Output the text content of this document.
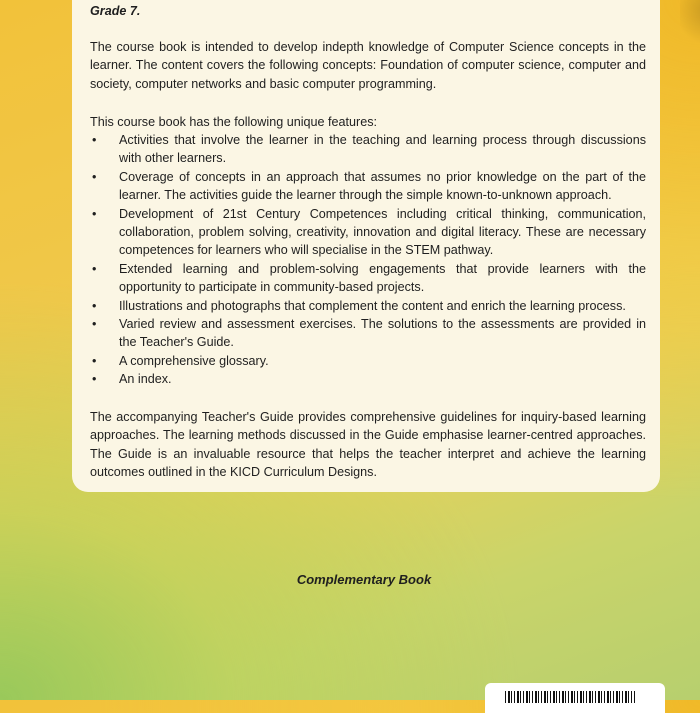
Grade 7.

The course book is intended to develop indepth knowledge of Computer Science concepts in the learner. The content covers the following concepts: Foundation of computer science, computer and society, computer networks and basic computer programming.

This course book has the following unique features:

• Activities that involve the learner in the teaching and learning process through discussions with other learners.
• Coverage of concepts in an approach that assumes no prior knowledge on the part of the learner. The activities guide the learner through the simple known-to-unknown approach.
• Development of 21st Century Competences including critical thinking, communication, collaboration, problem solving, creativity, innovation and digital literacy. These are necessary competences for learners who will specialise in the STEM pathway.
• Extended learning and problem-solving engagements that provide learners with the opportunity to participate in community-based projects.
• Illustrations and photographs that complement the content and enrich the learning process.
• Varied review and assessment exercises. The solutions to the assessments are provided in the Teacher's Guide.
• A comprehensive glossary.
• An index.

The accompanying Teacher's Guide provides comprehensive guidelines for inquiry-based learning approaches. The learning methods discussed in the Guide emphasise learner-centred approaches. The Guide is an invaluable resource that helps the teacher interpret and achieve the learning outcomes outlined in the KICD Curriculum Designs.

Complementary Book
